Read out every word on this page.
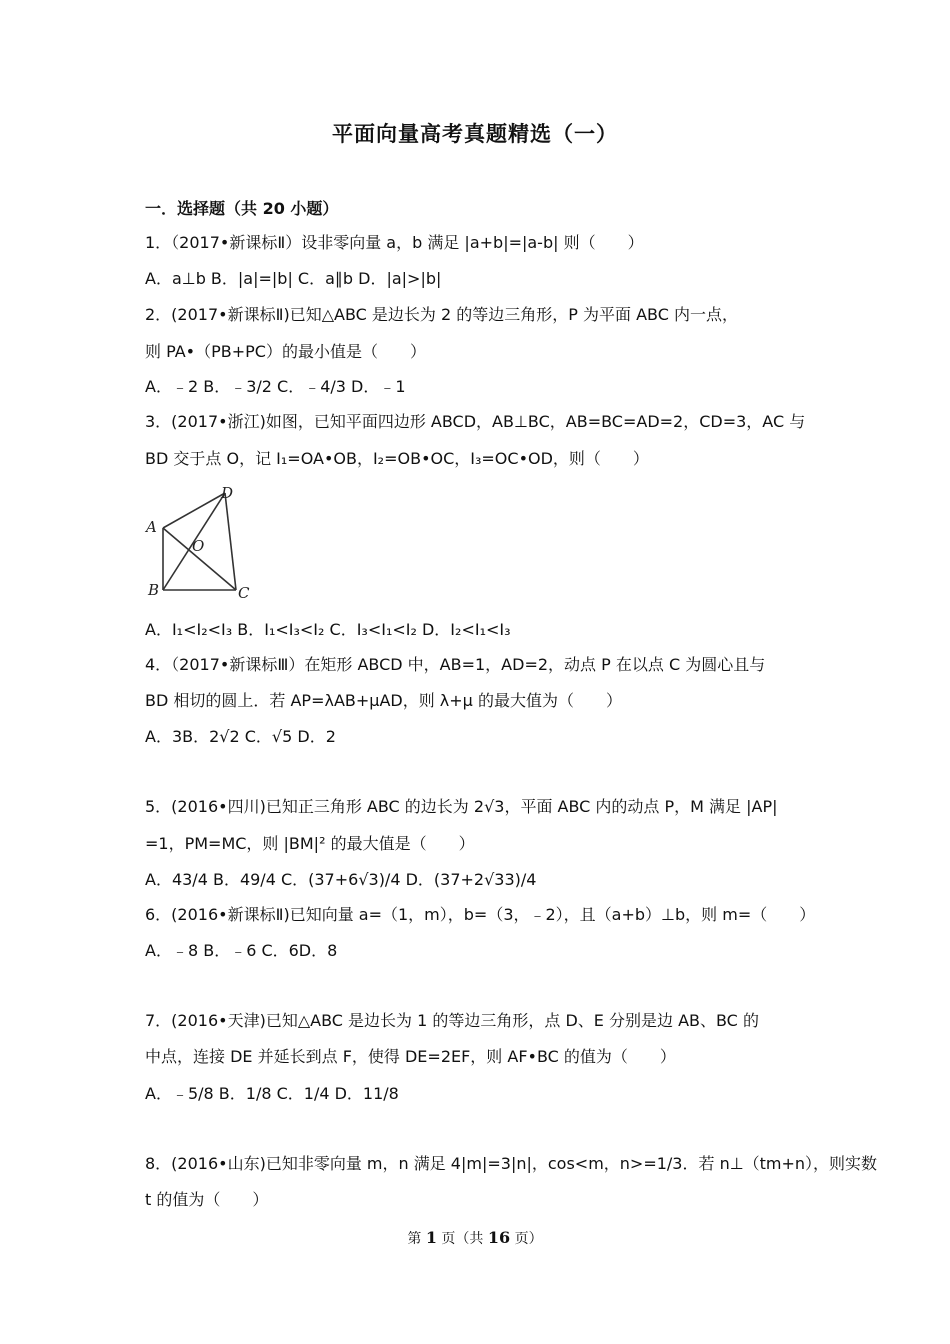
平面向量高考真题精选（一）
一．选择题（共 20 小题）
1．（2017•新课标Ⅱ）设非零向量 a，b 满足 |a+b|=|a-b| 则（　　）
A．a⊥b B．|a|=|b| C．a∥b D．|a|>|b|
2．(2017•新课标Ⅱ)已知△ABC 是边长为 2 的等边三角形，P 为平面 ABC 内一点，
则 PA•（PB+PC）的最小值是（　　）
A．﹣2 B．﹣3/2 C．﹣4/3 D．﹣1
3．(2017•浙江)如图，已知平面四边形 ABCD，AB⊥BC，AB=BC=AD=2，CD=3，AC 与
BD 交于点 O，记 I₁=OA•OB，I₂=OB•OC，I₃=OC•OD，则（　　）
D
A
O
B	C
A．I₁<I₂<I₃ B．I₁<I₃<I₂ C．I₃<I₁<I₂ D．I₂<I₁<I₃
4．（2017•新课标Ⅲ）在矩形 ABCD 中，AB=1，AD=2，动点 P 在以点 C 为圆心且与
BD 相切的圆上．若 AP=λAB+μAD，则 λ+μ 的最大值为（　　）
A．3B．2√2 C．√5 D．2
5．(2016•四川)已知正三角形 ABC 的边长为 2√3，平面 ABC 内的动点 P，M 满足 |AP|
=1，PM=MC，则 |BM|² 的最大值是（　　）
A．43/4 B．49/4 C．(37+6√3)/4 D．(37+2√33)/4
6．(2016•新课标Ⅱ)已知向量 a=（1，m），b=（3，﹣2），且（a+b）⊥b，则 m=（　　）
A．﹣8 B．﹣6 C．6D．8
7．(2016•天津)已知△ABC 是边长为 1 的等边三角形，点 D、E 分别是边 AB、BC 的
中点，连接 DE 并延长到点 F，使得 DE=2EF，则 AF•BC 的值为（　　）
A．﹣5/8 B．1/8 C．1/4 D．11/8
8．(2016•山东)已知非零向量 m，n 满足 4|m|=3|n|，cos<m，n>=1/3．若 n⊥（tm+n），则实数
t 的值为（　　）
第 1 页（共 16 页）
